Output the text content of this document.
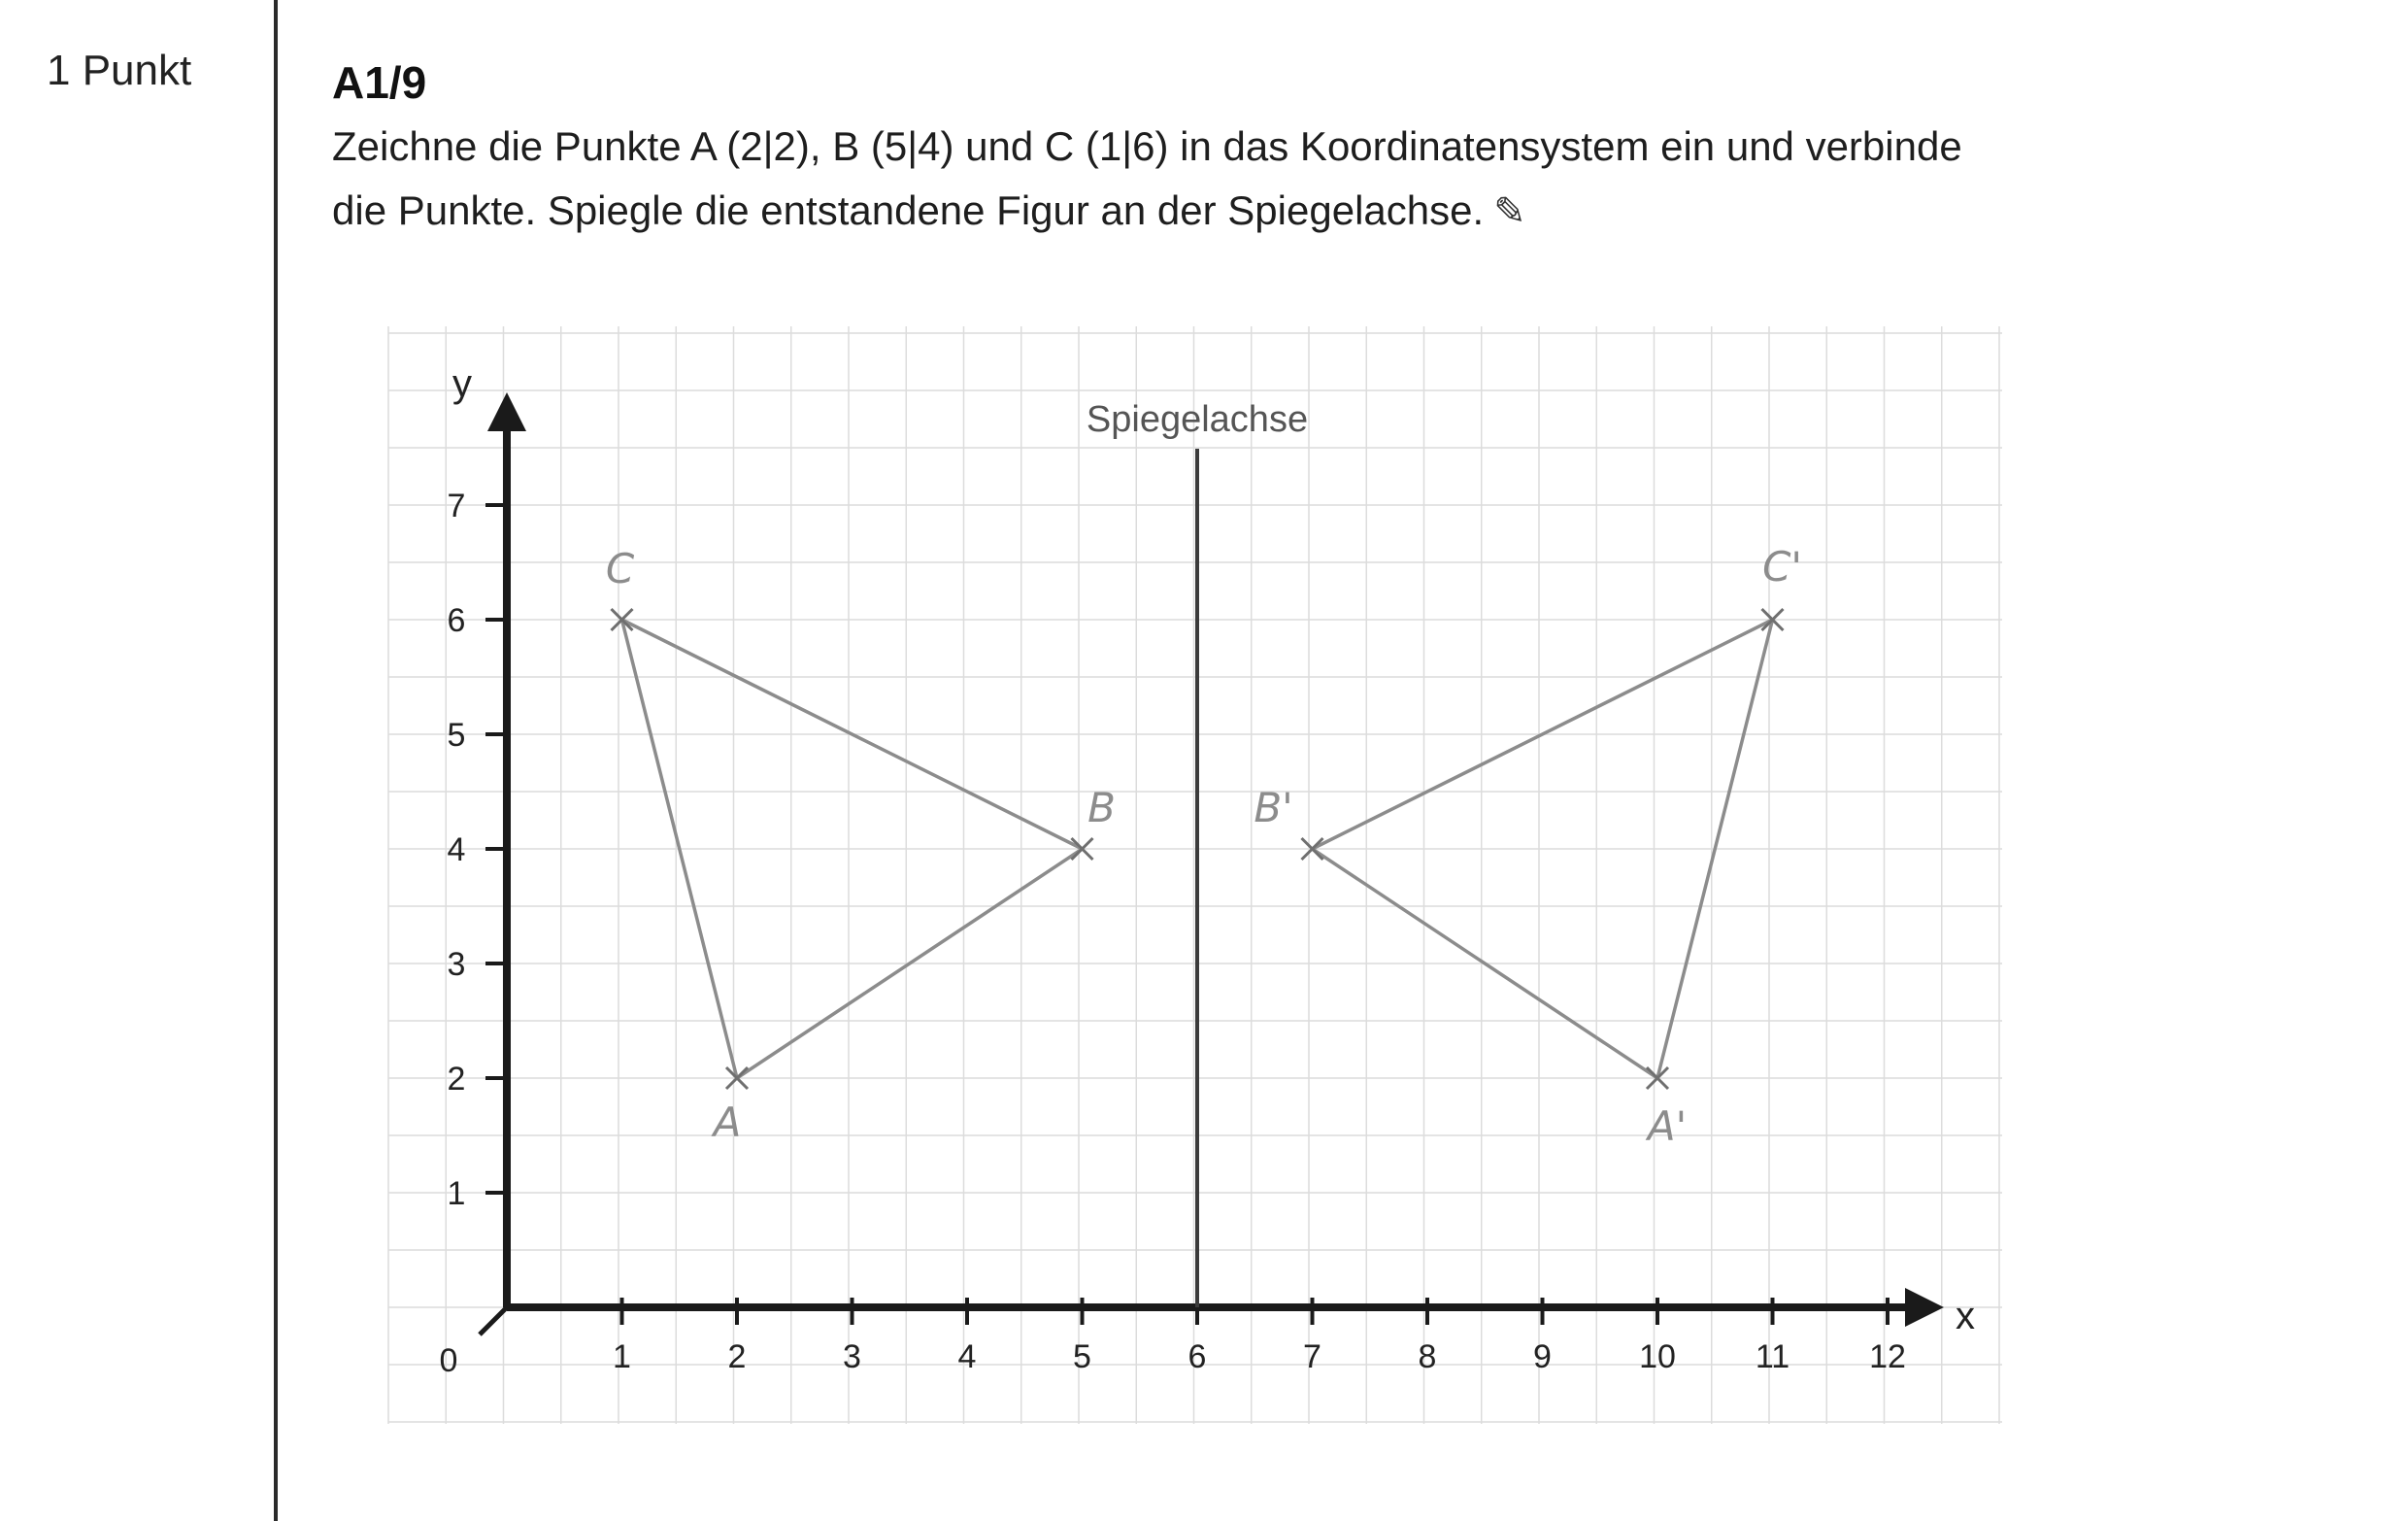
1 Punkt	A1/9
Zeichne die Punkte A (2|2), B (5|4) und C (1|6) in das Koordinatensystem ein und verbinde
die Punkte. Spiegle die entstandene Figur an der Spiegelachse. ✎
1	2	3	4	5	6	7	8	9	10 11 12
1
2
3
4
5
6
7
0
x
y
Spiegelachse
A
B
C
A'
B'
C'
